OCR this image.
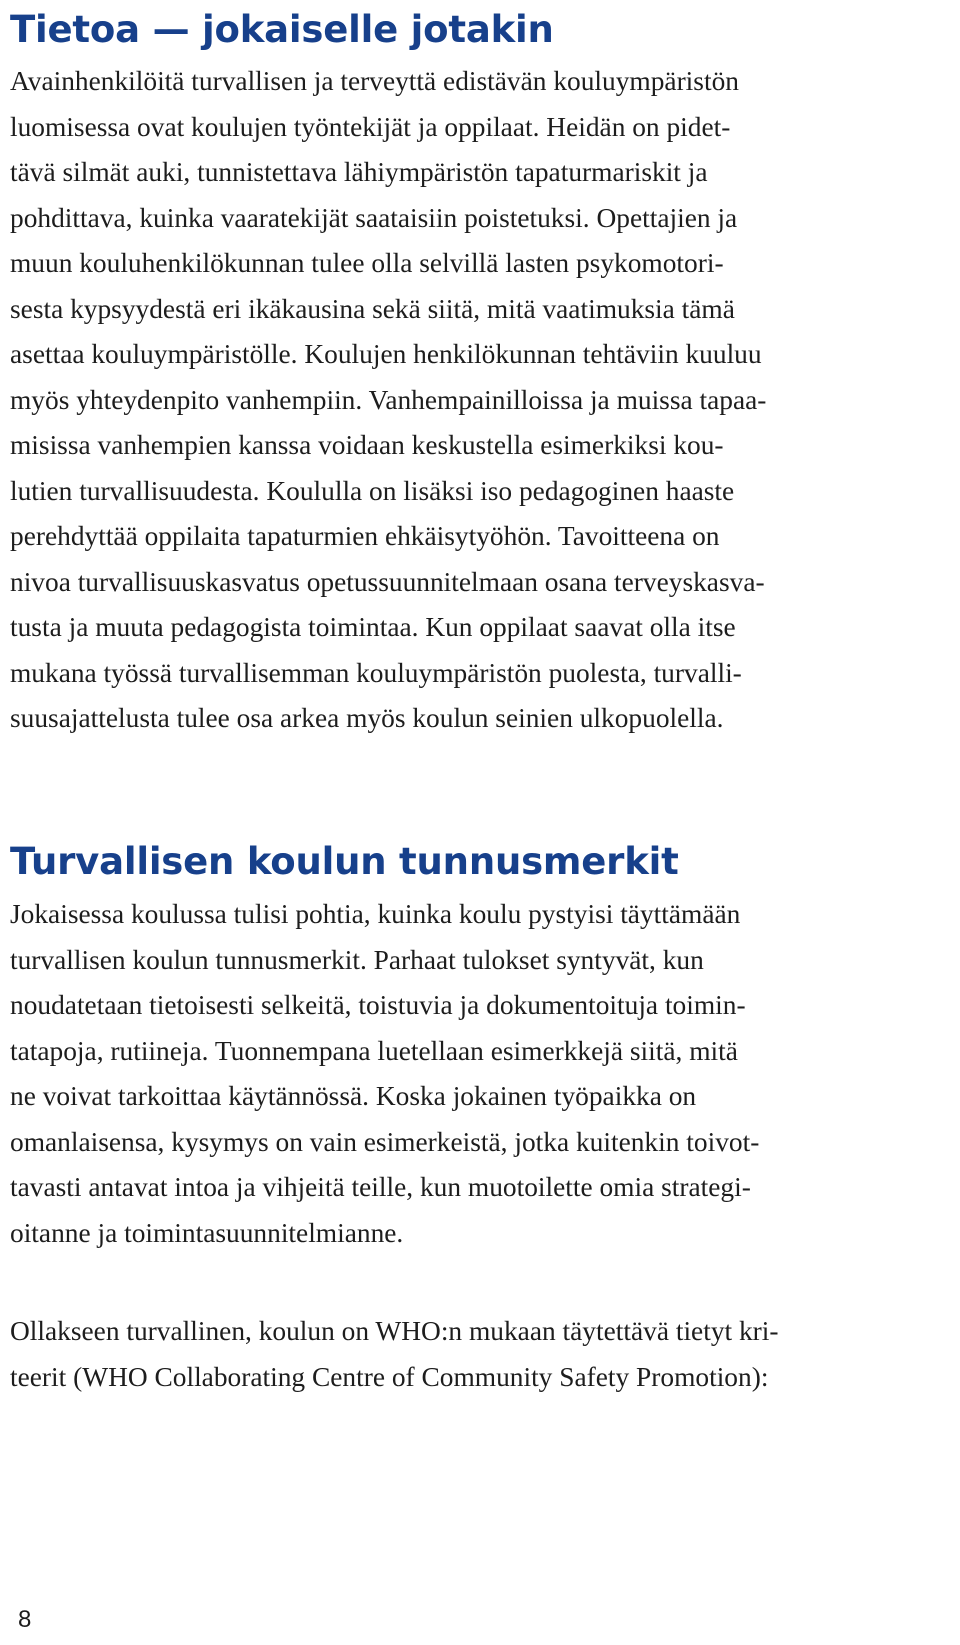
Tietoa — jokaiselle jotakin

Avainhenkilöitä turvallisen ja terveyttä edistävän kouluympäristön
luomisessa ovat koulujen työntekijät ja oppilaat. Heidän on pidet-
tävä silmät auki, tunnistettava lähiympäristön tapaturmariskit ja
pohdittava, kuinka vaaratekijät saataisiin poistetuksi. Opettajien ja
muun kouluhenkilökunnan tulee olla selvillä lasten psykomotori-
sesta kypsyydestä eri ikäkausina sekä siitä, mitä vaatimuksia tämä
asettaa kouluympäristölle. Koulujen henkilökunnan tehtäviin kuuluu
myös yhteydenpito vanhempiin. Vanhempainilloissa ja muissa tapaa-
misissa vanhempien kanssa voidaan keskustella esimerkiksi kou-
lutien turvallisuudesta. Koululla on lisäksi iso pedagoginen haaste
perehdyttää oppilaita tapaturmien ehkäisytyöhön. Tavoitteena on
nivoa turvallisuuskasvatus opetussuunnitelmaan osana terveyskasva-
tusta ja muuta pedagogista toimintaa. Kun oppilaat saavat olla itse
mukana työssä turvallisemman kouluympäristön puolesta, turvalli-
suusajattelusta tulee osa arkea myös koulun seinien ulkopuolella.

Turvallisen koulun tunnusmerkit

Jokaisessa koulussa tulisi pohtia, kuinka koulu pystyisi täyttämään
turvallisen koulun tunnusmerkit. Parhaat tulokset syntyvät, kun
noudatetaan tietoisesti selkeitä, toistuvia ja dokumentoituja toimin-
tatapoja, rutiineja. Tuonnempana luetellaan esimerkkejä siitä, mitä
ne voivat tarkoittaa käytännössä. Koska jokainen työpaikka on
omanlaisensa, kysymys on vain esimerkeistä, jotka kuitenkin toivot-
tavasti antavat intoa ja vihjeitä teille, kun muotoilette omia strategi-
oitanne ja toimintasuunnitelmianne.

Ollakseen turvallinen, koulun on WHO:n mukaan täytettävä tietyt kri-
teerit (WHO Collaborating Centre of Community Safety Promotion):

8
